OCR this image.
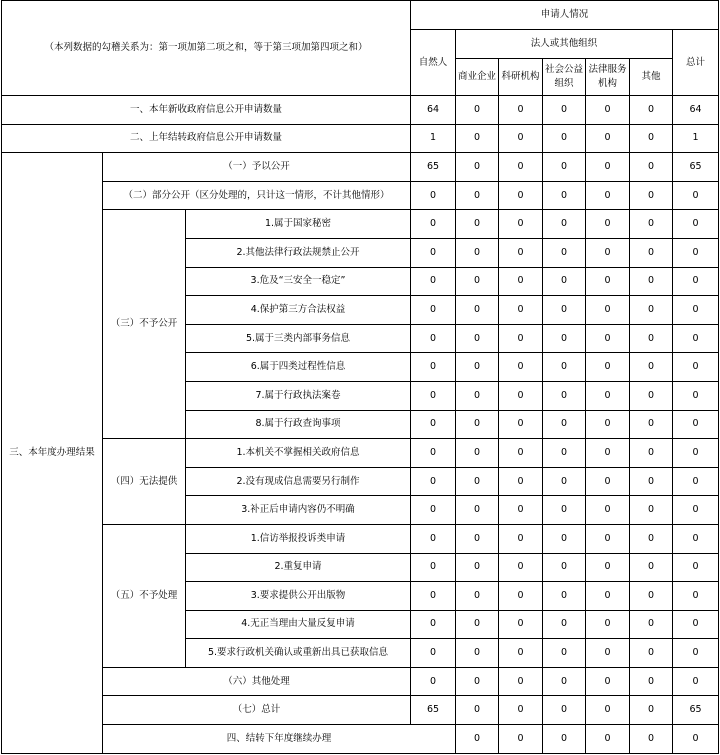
（本列数据的勾稽关系为：第一项加第二项之和，等于第三项加第四项之和）			申请人情况							
			自然人	法人或其他组织					总计	
				商业企业	科研机构	社会公益组织	法律服务机构	其他		
一、本年新收政府信息公开申请数量			64	0	0	0	0	0	64	
二、上年结转政府信息公开申请数量			1	0	0	0	0	0	1	
三、本年度办理结果	（一）予以公开		65	0	0	0	0	0	65	
	（二）部分公开（区分处理的，只计这一情形，不计其他情形）		0	0	0	0	0	0	0	
	（三）不予公开	1.属于国家秘密	0	0	0	0	0	0	0	
		2.其他法律行政法规禁止公开	0	0	0	0	0	0	0	
		3.危及“三安全一稳定”	0	0	0	0	0	0	0	
		4.保护第三方合法权益	0	0	0	0	0	0	0	
		5.属于三类内部事务信息	0	0	0	0	0	0	0	
		6.属于四类过程性信息	0	0	0	0	0	0	0	
		7.属于行政执法案卷	0	0	0	0	0	0	0	
		8.属于行政查询事项	0	0	0	0	0	0	0	
	（四）无法提供	1.本机关不掌握相关政府信息	0	0	0	0	0	0	0	
		2.没有现成信息需要另行制作	0	0	0	0	0	0	0	
		3.补正后申请内容仍不明确	0	0	0	0	0	0	0	
	（五）不予处理	1.信访举报投诉类申请	0	0	0	0	0	0	0	
		2.重复申请	0	0	0	0	0	0	0	
		3.要求提供公开出版物	0	0	0	0	0	0	0	
		4.无正当理由大量反复申请	0	0	0	0	0	0	0	
		5.要求行政机关确认或重新出具已获取信息	0	0	0	0	0	0	0	
	（六）其他处理		0	0	0	0	0	0	0	
	（七）总计		65	0	0	0	0	0	65	
	四、结转下年度继续办理			0	0	0	0	0	0	
